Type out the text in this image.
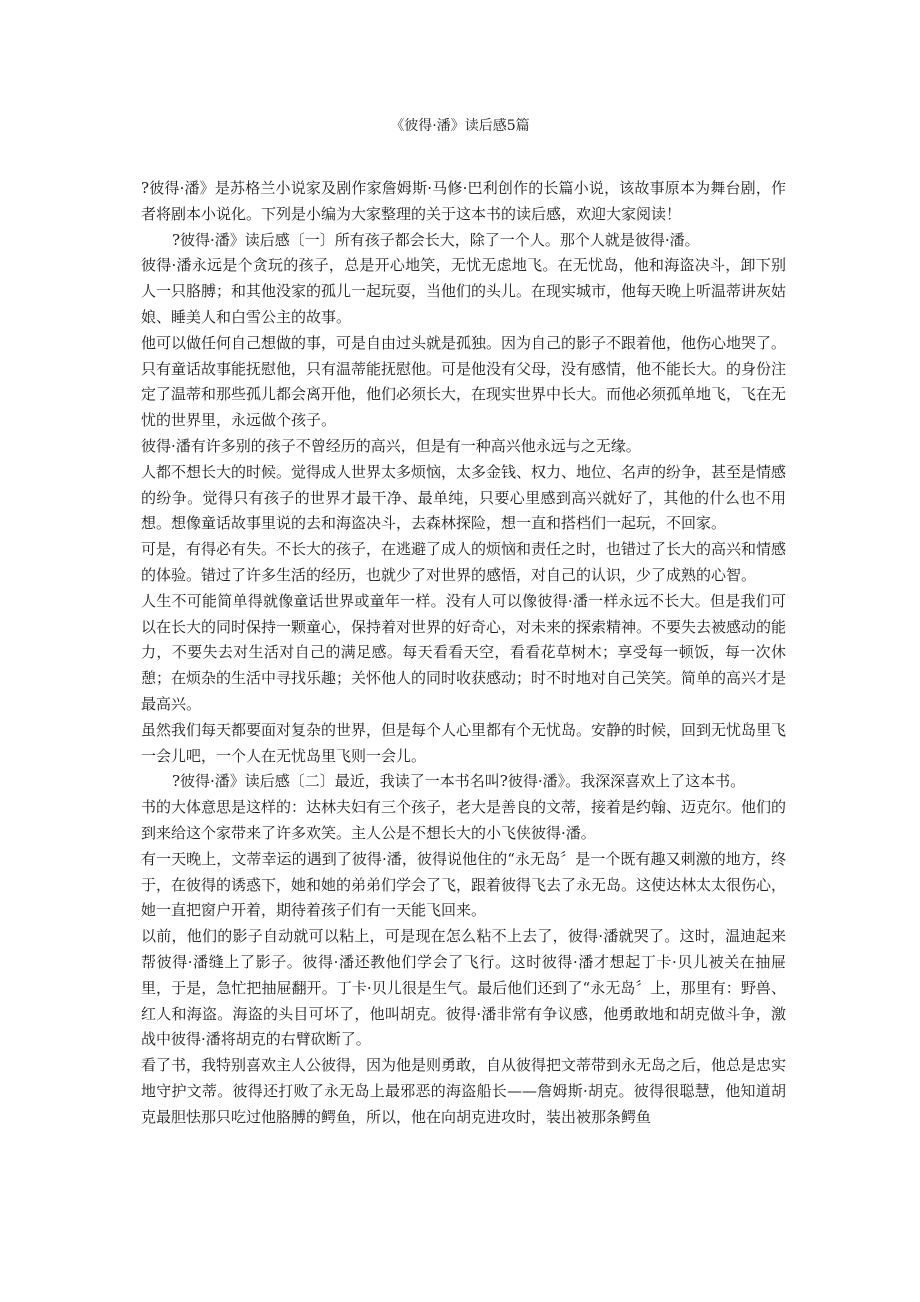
《彼得·潘》读后感5篇

?彼得·潘》是苏格兰小说家及剧作家詹姆斯·马修·巴利创作的长篇小说，该故事原本为舞台剧，作者将剧本小说化。下列是小编为大家整理的关于这本书的读后感，欢迎大家阅读！

?彼得·潘》读后感〔一〕所有孩子都会长大，除了一个人。那个人就是彼得·潘。

彼得·潘永远是个贪玩的孩子，总是开心地笑，无忧无虑地飞。在无忧岛，他和海盗决斗，卸下别人一只胳膊；和其他没家的孤儿一起玩耍，当他们的头儿。在现实城市，他每天晚上听温蒂讲灰姑娘、睡美人和白雪公主的故事。

他可以做任何自己想做的事，可是自由过头就是孤独。因为自己的影子不跟着他，他伤心地哭了。只有童话故事能抚慰他，只有温蒂能抚慰他。可是他没有父母，没有感情，他不能长大。的身份注定了温蒂和那些孤儿都会离开他，他们必须长大，在现实世界中长大。而他必须孤单地飞，飞在无忧的世界里，永远做个孩子。

彼得·潘有许多别的孩子不曾经历的高兴，但是有一种高兴他永远与之无缘。

人都不想长大的时候。觉得成人世界太多烦恼，太多金钱、权力、地位、名声的纷争，甚至是情感的纷争。觉得只有孩子的世界才最干净、最单纯，只要心里感到高兴就好了，其他的什么也不用想。想像童话故事里说的去和海盗决斗，去森林探险，想一直和搭档们一起玩，不回家。

可是，有得必有失。不长大的孩子，在逃避了成人的烦恼和责任之时，也错过了长大的高兴和情感的体验。错过了许多生活的经历，也就少了对世界的感悟，对自己的认识，少了成熟的心智。

人生不可能简单得就像童话世界或童年一样。没有人可以像彼得·潘一样永远不长大。但是我们可以在长大的同时保持一颗童心，保持着对世界的好奇心，对未来的探索精神。不要失去被感动的能力，不要失去对生活对自己的满足感。每天看看天空，看看花草树木；享受每一顿饭，每一次休憩；在烦杂的生活中寻找乐趣；关怀他人的同时收获感动；时不时地对自己笑笑。简单的高兴才是最高兴。

虽然我们每天都要面对复杂的世界，但是每个人心里都有个无忧岛。安静的时候，回到无忧岛里飞一会儿吧，一个人在无忧岛里飞则一会儿。

?彼得·潘》读后感〔二〕最近，我读了一本书名叫?彼得·潘》。我深深喜欢上了这本书。

书的大体意思是这样的：达林夫妇有三个孩子，老大是善良的文蒂，接着是约翰、迈克尔。他们的到来给这个家带来了许多欢笑。主人公是不想长大的小飞侠彼得·潘。

有一天晚上，文蒂幸运的遇到了彼得·潘，彼得说他住的“永无岛〞是一个既有趣又刺激的地方，终于，在彼得的诱惑下，她和她的弟弟们学会了飞，跟着彼得飞去了永无岛。这使达林太太很伤心，她一直把窗户开着，期待着孩子们有一天能飞回来。

以前，他们的影子自动就可以粘上，可是现在怎么粘不上去了，彼得·潘就哭了。这时，温迪起来帮彼得·潘缝上了影子。彼得·潘还教他们学会了飞行。这时彼得·潘才想起丁卡·贝儿被关在抽屉里，于是，急忙把抽屉翻开。丁卡·贝儿很是生气。最后他们还到了“永无岛〞上，那里有：野兽、红人和海盗。海盗的头目可坏了，他叫胡克。彼得·潘非常有争议感，他勇敢地和胡克做斗争，激战中彼得·潘将胡克的右臂砍断了。

看了书，我特别喜欢主人公彼得，因为他是则勇敢，自从彼得把文蒂带到永无岛之后，他总是忠实地守护文蒂。彼得还打败了永无岛上最邪恶的海盗船长——詹姆斯·胡克。彼得很聪慧，他知道胡克最胆怯那只吃过他胳膊的鳄鱼，所以，他在向胡克进攻时，装出被那条鳄鱼
